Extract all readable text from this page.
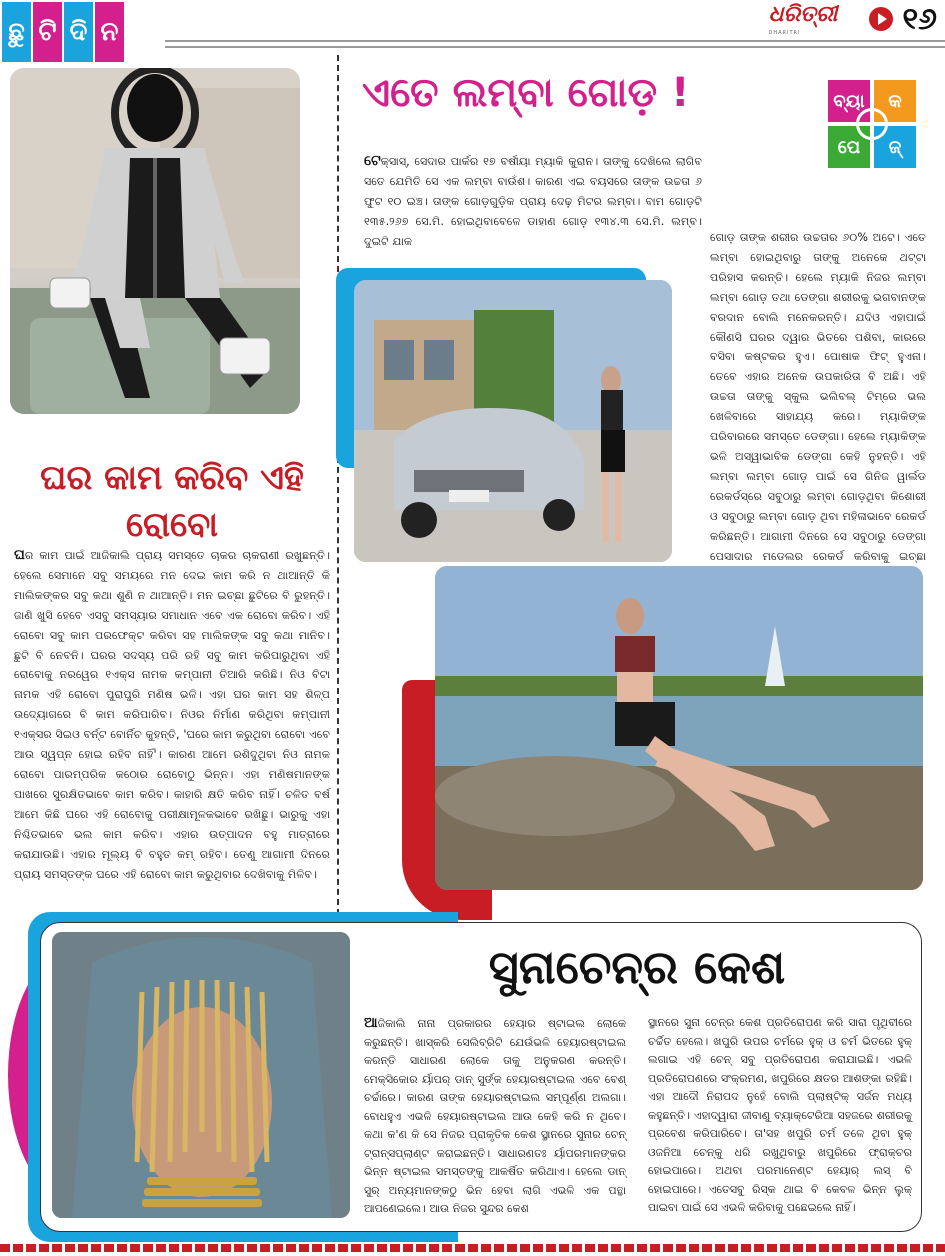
ଛୁ ଟି ଦି ନ
ଧରିତ୍ରୀ
DHARITRI	୧୬
ଘର କାମ କରିବ ଏହି ରୋବୋ
ଘର କାମ ପାଇଁ ଆଜିକାଲି ପ୍ରାୟ ସମସ୍ତେ ଚାକର ଚାକରାଣୀ ରଖୁଛନ୍ତି। ହେଲେ ସେମାନେ ସବୁ ସମୟରେ ମନ ଦେଇ କାମ କରି ନ ଥାଆନ୍ତି କି ମାଲିକଙ୍କର ସବୁ କଥା ଶୁଣି ନ ଥାଆନ୍ତି। ମନ ଇଚ୍ଛା ଛୁଟିରେ ବି ରୁହନ୍ତି। ଜାଣି ଖୁସି ହେବେ ଏସବୁ ସମସ୍ୟାର ସମାଧାନ ଏବେ ଏକ ରୋବୋ କରିବ। ଏହି ରୋବୋ ସବୁ କାମ ପରଫେକ୍ଟ କରିବା ସହ ମାଲିକଙ୍କ ସବୁ କଥା ମାନିବ। ଛୁଟି ବି ନେବନି। ଘରର ସଦସ୍ୟ ପରି ରହି ସବୁ କାମ କରିପାରୁଥିବା ଏହି ରୋବୋକୁ ନରୱେର ୧ଏକ୍ସ ନାମକ କମ୍ପାନୀ ତିଆରି କରିଛି। ନିଓ ବିଟା ନାମକ ଏହି ରୋବୋ ପୁରାପୁରି ମଣିଷ ଭଳି। ଏହା ଘର କାମ ସହ ଶିଳ୍ପ ଉଦ୍ୟୋଗରେ ବି କାମ କରିପାରିବ। ନିଓର ନିର୍ମାଣ କରିଥିବା କମ୍ପାନୀ ୧ଏକ୍ସର ସିଇଓ ବର୍ନ୍ଟ ବୋର୍ନିଚ କୁହନ୍ତି, 'ଘରେ କାମ କରୁଥିବା ରୋବୋ ଏବେ ଆଉ ସ୍ୱପ୍ନ ହୋଇ ରହିବ ନାହିଁ'। କାରଣ ଆମେ ରଶିଦୁଥିବା ନିଓ ନାମକ ରୋବୋ ପାରମ୍ପରିକ କଠୋର ରୋବୋଠୁ ଭିନ୍ନ। ଏହା ମଣିଷମାନଙ୍କ ପାଖରେ ସୁରକ୍ଷିତଭାବେ କାମ କରିବ। କାହାରି କ୍ଷତି କରିବ ନାହିଁ। ଚଳିତ ବର୍ଷ ଆମେ କିଛି ଘରେ ଏହି ରୋବୋକୁ ପରୀକ୍ଷାମୂଳକଭାବେ ରଖିଛୁ। ଭାରୁକୁ ଏହା ନିଶ୍ଚିତଭାବେ ଭଲ କାମ କରିବ। ଏହାର ଉତ୍ପାଦନ ବହୁ ମାତ୍ରାରେ କରାଯାଉଛି। ଏହାର ମୂଲ୍ୟ ବି ବହୁତ କମ୍ ରହିବ। ତେଣୁ ଆଗାମୀ ଦିନରେ ପ୍ରାୟ ସମସ୍ତଙ୍କ ଘରେ ଏହି ରୋବୋ କାମ କରୁଥିବାର ଦେଖିବାକୁ ମିଳିବ।
ଏତେ ଲମ୍ବା ଗୋଡ଼ !	ବ୍ୟା	କ
ପେ	ଜ୍
ଟେକ୍ସାସ୍, ସେଦାର ପାର୍କର ୧୭ ବର୍ଷୀୟା ମ୍ୟାକି କୁରାନ। ତାଙ୍କୁ ଦେଖିଲେ ଲାଗିବ ସତେ ଯେମିତି ସେ ଏକ ଲମ୍ବା ବାଉଁଶ। କାରଣ ଏଇ ବୟସରେ ତାଙ୍କ ଉଚ୍ଚତା ୬ ଫୁଟ ୧୦ ଇଞ୍ଚ। ତାଙ୍କ ଗୋଡ଼ଗୁଡ଼ିକ ପ୍ରାୟ ଦେଢ଼ ମିଟର ଲମ୍ବା। ବାମ ଗୋଡ଼ଟି ୧୩୫.୨୬୭ ସେ.ମି. ହୋଇଥିବାବେଳେ ଡାହାଣ ଗୋଡ଼ ୧୩୪.୩ ସେ.ମି. ଲମ୍ବ। ଦୁଇଟି ଯାକ	ଗୋଡ଼ ତାଙ୍କ ଶରୀର ଉଚ୍ଚତାର ୬୦% ଅଟେ। ଏତେ ଲମ୍ବା ହୋଇଥିବାରୁ ତାଙ୍କୁ ଅନେକେ ଥଟ୍ଟା ପରିହାସ କରନ୍ତି। ହେଲେ ମ୍ୟାକି ନିଜର ଲମ୍ବା ଲମ୍ବା ଗୋଡ଼ ତଥା ଡେଙ୍ଗା ଶରୀରକୁ ଭଗବାନଙ୍କ ବରଦାନ ବୋଲି ମନେକରନ୍ତି। ଯଦିଓ ଏହାପାଇଁ କୌଣସି ଘରର ଦ୍ୱାର ଭିତରେ ପଶିବା, କାରରେ ବସିବା କଷ୍ଟକର ହୁଏ। ପୋଷାକ ଫିଟ୍ ହୁଏନା। ତେବେ ଏହାର ଅନେକ ଉପକାରିତା ବି ଅଛି। ଏହି ଉଚ୍ଚତା ତାଙ୍କୁ ସ୍କୁଲ ଭଲିବଲ୍ ଟିମ୍‌ରେ ଭଲ ଖେଳିବାରେ ସାହାଯ୍ୟ କରେ। ମ୍ୟାକିଙ୍କ ପରିବାରରେ ସମସ୍ତେ ଡେଙ୍ଗା। ହେଲେ ମ୍ୟାକିଙ୍କ ଭଳି ଅସ୍ୱାଭାବିକ ଡେଙ୍ଗା କେହି ନୁହନ୍ତି। ଏହି ଲମ୍ବା ଲମ୍ବା ଗୋଡ଼ ପାଇଁ ସେ ଗିନିଜ ୱାର୍ଲଡ ରେକର୍ଡସ୍‌ରେ ସବୁଠାରୁ ଲମ୍ବା ଗୋଡ଼ଥିବା କିଶୋରୀ ଓ ସବୁଠାରୁ ଲମ୍ବା ଗୋଡ଼ ଥିବା ମହିଳାଭାବେ ରେକର୍ଡ କରିଛନ୍ତି। ଆଗାମୀ ଦିନରେ ସେ ସବୁଠାରୁ ଡେଙ୍ଗା ପେସାଦାର ମଡେଲର ରେକର୍ଡ କରିବାକୁ ଇଚ୍ଛା
ସୁନାଚେନ୍‌ର କେଶ
ଆଜିକାଲି ନାନା ପ୍ରକାରର ହେୟାର ଷ୍ଟାଇଲ ଲୋକେ କରୁଛନ୍ତି। ଖାସ୍‌କରି ସେଲିବ୍ରିଟି ଯେଉଁଭଳି ହେୟାରଷ୍ଟାଇଲ କରନ୍ତି ସାଧାରଣ ଲୋକେ ତାକୁ ଅନୁକରଣ କରନ୍ତି। ମେକ୍ସିକୋର ର୍ୟାପର୍ ଡାନ୍ ସୁର୍ଙ୍କ ହେୟାରଷ୍ଟାଇଲ ଏବେ ବେଶ୍ ଚର୍ଚ୍ଚାରେ। କାରଣ ତାଙ୍କ ହେୟାରଷ୍ଟାଇଲ ସମ୍ପୂର୍ଣ୍ଣ ଅଲଗା। ବୋଧହୁଏ ଏଭଳି ହେୟାରଷ୍ଟାଇଲ ଆଉ କେହି କରି ନ ଥିବେ। କଥା କ'ଣ କି ସେ ନିଜର ପ୍ରାକୃତିକ କେଶ ସ୍ଥାନରେ ସୁନାର ଚେନ୍ ଟ୍ରାନ୍ସପ୍ଲାଣ୍ଟ କରାଇଛନ୍ତି। ସାଧାରଣତଃ ର୍ୟାପରମାନଙ୍କର ଭିନ୍ନ ଷ୍ଟାଇଲ ସମସ୍ତଙ୍କୁ ଆକର୍ଷିତ କରିଥାଏ। ହେଲେ ଡାନ୍ ସୁର୍ ଅନ୍ୟମାନଙ୍କଠୁ ଭିନ ହେବା ଲାଗି ଏଭଳି ଏକ ପନ୍ଥା ଆପଣେଇଲେ। ଆଉ ନିଜର ସୁନ୍ଦର କେଶ
ସ୍ଥାନରେ ସୁନା ଚେନ୍‌ର କେଶ ପ୍ରତିରୋପଣ କରି ସାରା ପୃଥିବୀରେ ଚର୍ଚ୍ଚିତ ହେଲେ। ଖପୁରି ଉପର ଚର୍ମରେ ହୁକ୍ ଓ ଚର୍ମ ଭିତରେ ହୁକ୍ ଲଗାଇ ଏହି ଚେନ୍ ସବୁ ପ୍ରତିରୋପଣ କରାଯାଇଛି। ଏଭଳି ପ୍ରତିରୋପଣରେ ସଂକ୍ରମଣ, ଖପୁରିରେ କ୍ଷତର ଆଶଙ୍କା ରହିଛି। ଏହା ଆଦୌ ନିରାପଦ ନୁହେଁ ବୋଲି ପ୍ଲାଷ୍ଟିକ୍ ସର୍ଜନ ମଧ୍ୟ କହୁଛନ୍ତି। ଏହାଦ୍ୱାରା ଜୀବାଣୁ ବ୍ୟାକ୍ଟେରିଆ ସହଜରେ ଶରୀରକୁ ପ୍ରବେଶ କରିପାରିବେ। ତା'ସହ ଖପୁରି ଚର୍ମ ତଳେ ଥିବା ହୁକ୍ ଓଜନିଆ ଚେନ୍‌କୁ ଧରି ରଖୁଥିବାରୁ ଖପୁରିରେ ଫ୍ରାକ୍ଚର ହୋଇପାରେ। ଅଥବା ପରମାନେଣ୍ଟ ହେୟାର୍ ଲସ୍ ବି ହୋଇପାରେ। ଏତେସବୁ ରିସ୍କ ଥାଇ ବି କେବଳ ଭିନ୍ନ ଲୁକ୍ ପାଇବା ପାଇଁ ସେ ଏଭଳି କରିବାକୁ ପଛେଇଲେ ନାହିଁ।
